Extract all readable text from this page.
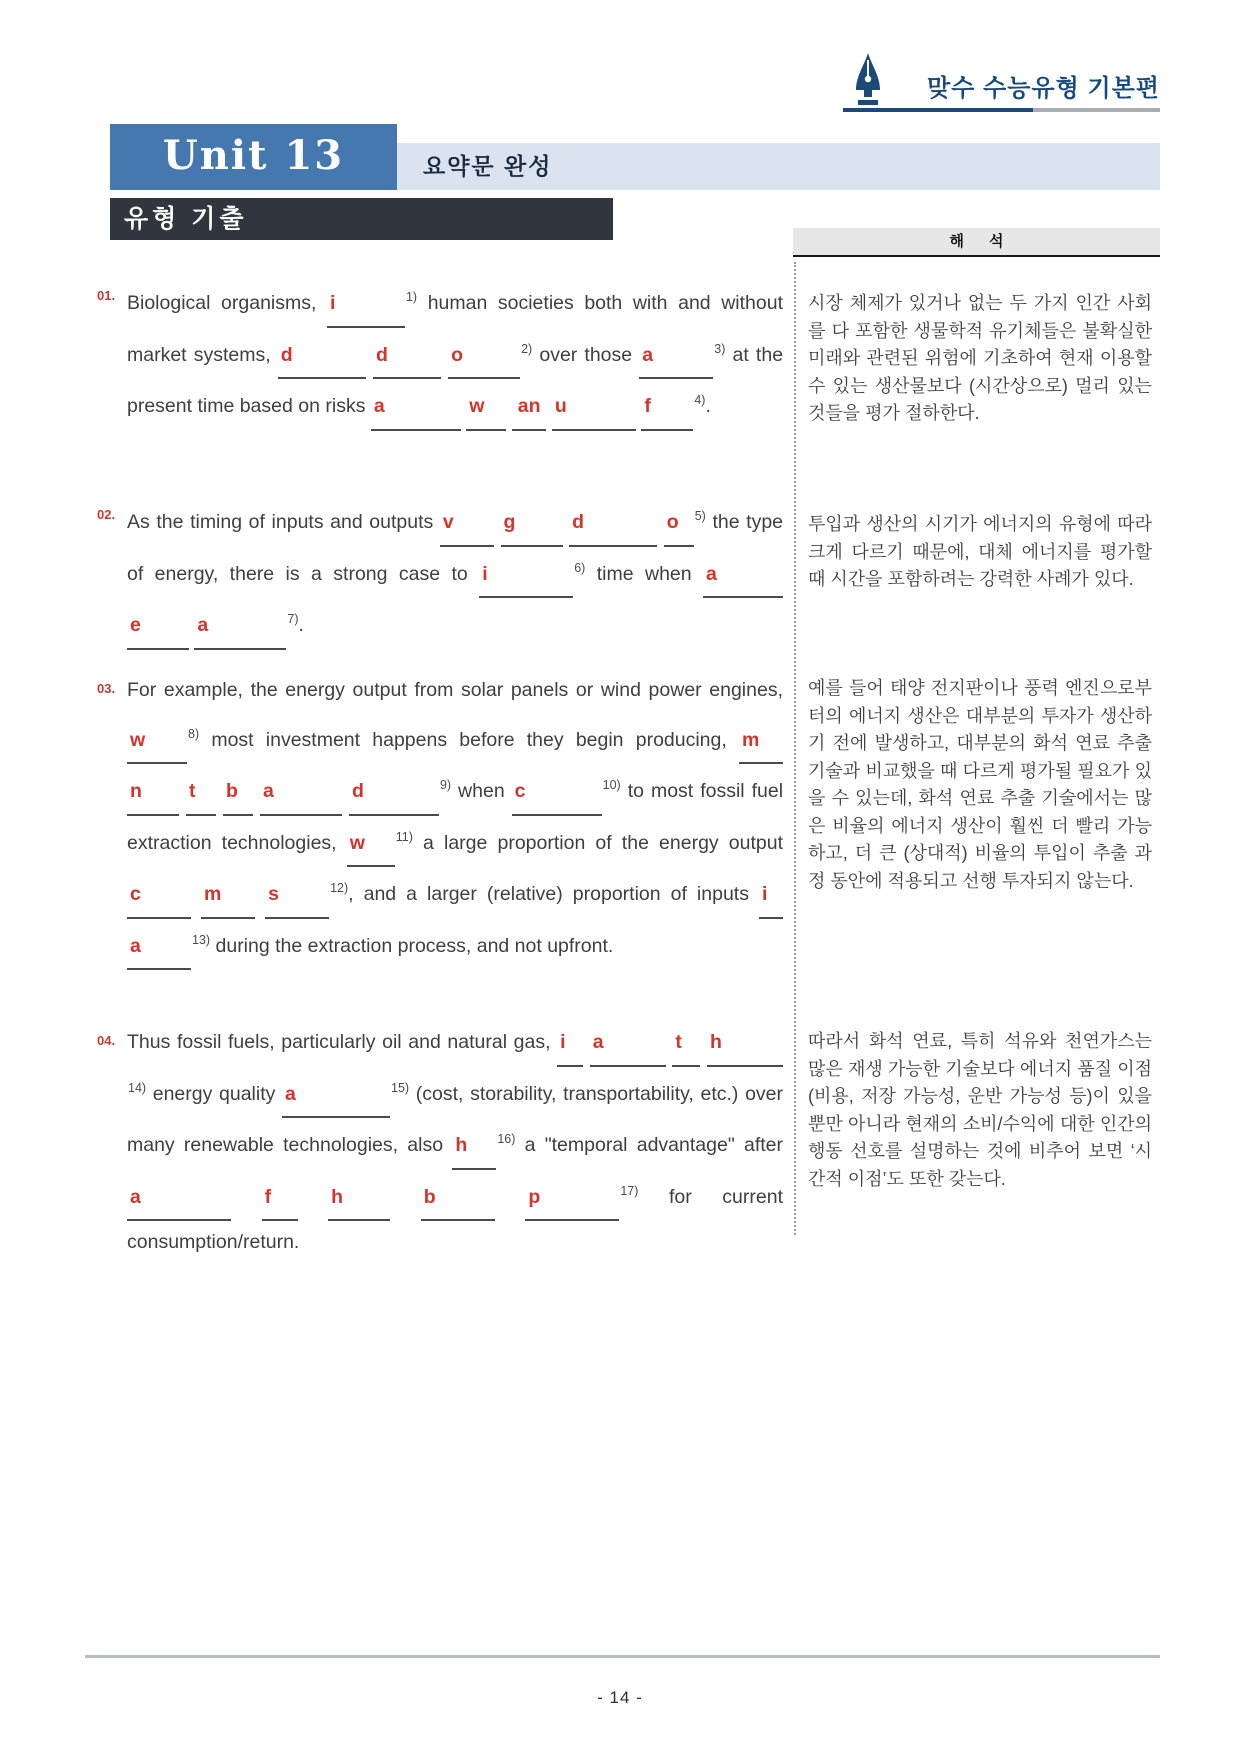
맞수 수능유형 기본편
요약문 완성
Unit 13
유형 기출
해      석
01. Biological organisms, i	$^{1)}$ human societies both with and without market systems, d	d	o	$^{2)}$ over those a	$^{3)}$ at the present time based on risks a	w an u	f	$^{4)}$.

시장 체제가 있거나 없는 두 가지 인간 사회를 다 포함한 생물학적 유기체들은 불확실한 미래와 관련된 위험에 기초하여 현재 이용할 수 있는 생산물보다 (시간상으로) 멀리 있는 것들을 평가 절하한다.

02. As the timing of inputs and outputs v	g	d	o $^{5)}$ the type of energy, there is a strong case to i	$^{6)}$ time when a e	a	$^{7)}$.

투입과 생산의 시기가 에너지의 유형에 따라 크게 다르기 때문에, 대체 에너지를 평가할 때 시간을 포함하려는 강력한 사례가 있다.

03. For example, the energy output from solar panels or wind power engines, w	$^{8)}$ most investment happens before they begin producing, m n t b a	d	$^{9)}$ when c	$^{10)}$ to most fossil fuel extraction technologies, w $^{11)}$ a large proportion of the energy output c	m s	$^{12)}$, and a larger (relative) proportion of inputs i a	$^{13)}$ during the extraction process, and not upfront.

예를 들어 태양 전지판이나 풍력 엔진으로부터의 에너지 생산은 대부분의 투자가 생산하기 전에 발생하고, 대부분의 화석 연료 추출 기술과 비교했을 때 다르게 평가될 필요가 있을 수 있는데, 화석 연료 추출 기술에서는 많은 비율의 에너지 생산이 훨씬 더 빨리 가능하고, 더 큰 (상대적) 비율의 투입이 추출 과정 동안에 적용되고 선행 투자되지 않는다.

04. Thus fossil fuels, particularly oil and natural gas, i a	t $h^{14)}$ energy quality a	$^{15)}$ (cost, storability, transportability, etc.) over many renewable technologies, also h $^{16)}$ a "temporal advantage" after a	f	h	b	p	$^{17)}$ for current consumption/return.

따라서 화석 연료, 특히 석유와 천연가스는 많은 재생 가능한 기술보다 에너지 품질 이점(비용, 저장 가능성, 운반 가능성 등)이 있을 뿐만 아니라 현재의 소비/수익에 대한 인간의 행동 선호를 설명하는 것에 비추어 보면 ‘시간적 이점’도 또한 갖는다.

- 14 -
